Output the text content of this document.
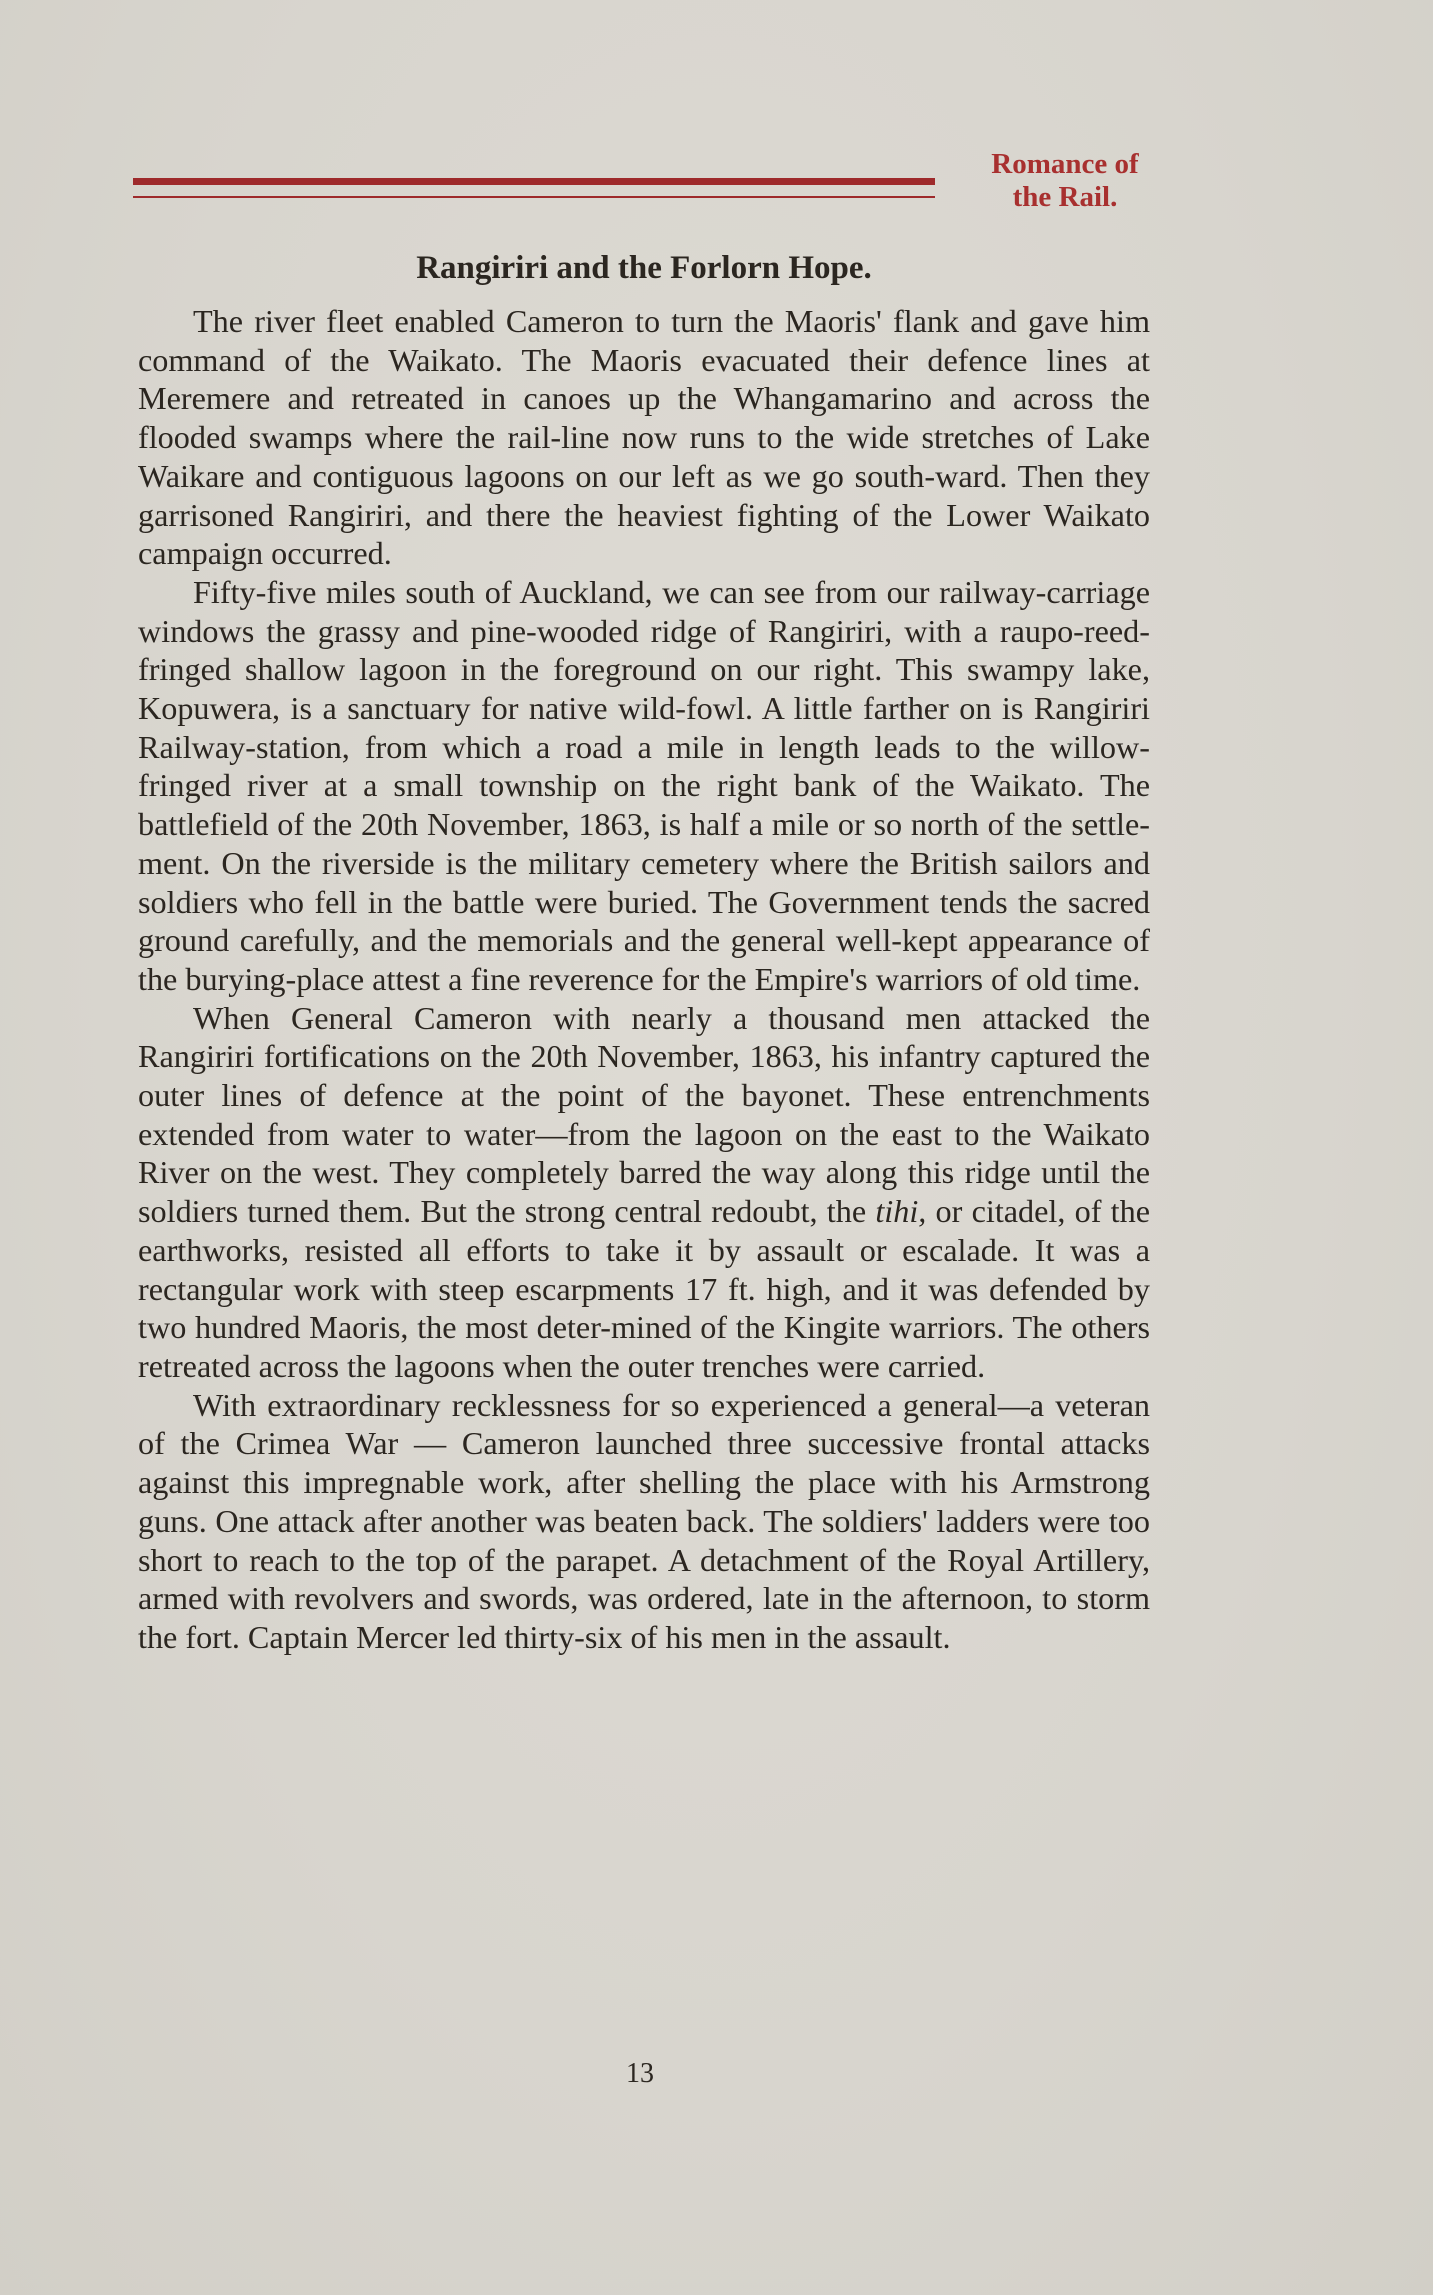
Romance of
the Rail.
Rangiriri and the Forlorn Hope.

The river fleet enabled Cameron to turn the Maoris' flank and gave him command of the Waikato. The Maoris evacuated their defence lines at Meremere and retreated in canoes up the Whangamarino and across the flooded swamps where the rail-line now runs to the wide stretches of Lake Waikare and contiguous lagoons on our left as we go south-ward. Then they garrisoned Rangiriri, and there the heaviest fighting of the Lower Waikato campaign occurred.

Fifty-five miles south of Auckland, we can see from our railway-carriage windows the grassy and pine-wooded ridge of Rangiriri, with a raupo-reed-fringed shallow lagoon in the foreground on our right. This swampy lake, Kopuwera, is a sanctuary for native wild-fowl. A little farther on is Rangiriri Railway-station, from which a road a mile in length leads to the willow-fringed river at a small township on the right bank of the Waikato. The battlefield of the 20th November, 1863, is half a mile or so north of the settle-ment. On the riverside is the military cemetery where the British sailors and soldiers who fell in the battle were buried. The Government tends the sacred ground carefully, and the memorials and the general well-kept appearance of the burying-place attest a fine reverence for the Empire's warriors of old time.

When General Cameron with nearly a thousand men attacked the Rangiriri fortifications on the 20th November, 1863, his infantry captured the outer lines of defence at the point of the bayonet. These entrenchments extended from water to water—from the lagoon on the east to the Waikato River on the west. They completely barred the way along this ridge until the soldiers turned them. But the strong central redoubt, the tihi, or citadel, of the earthworks, resisted all efforts to take it by assault or escalade. It was a rectangular work with steep escarpments 17 ft. high, and it was defended by two hundred Maoris, the most deter-mined of the Kingite warriors. The others retreated across the lagoons when the outer trenches were carried.

With extraordinary recklessness for so experienced a general—a veteran of the Crimea War — Cameron launched three successive frontal attacks against this impregnable work, after shelling the place with his Armstrong guns. One attack after another was beaten back. The soldiers' ladders were too short to reach to the top of the parapet. A detachment of the Royal Artillery, armed with revolvers and swords, was ordered, late in the afternoon, to storm the fort. Captain Mercer led thirty-six of his men in the assault.

13
